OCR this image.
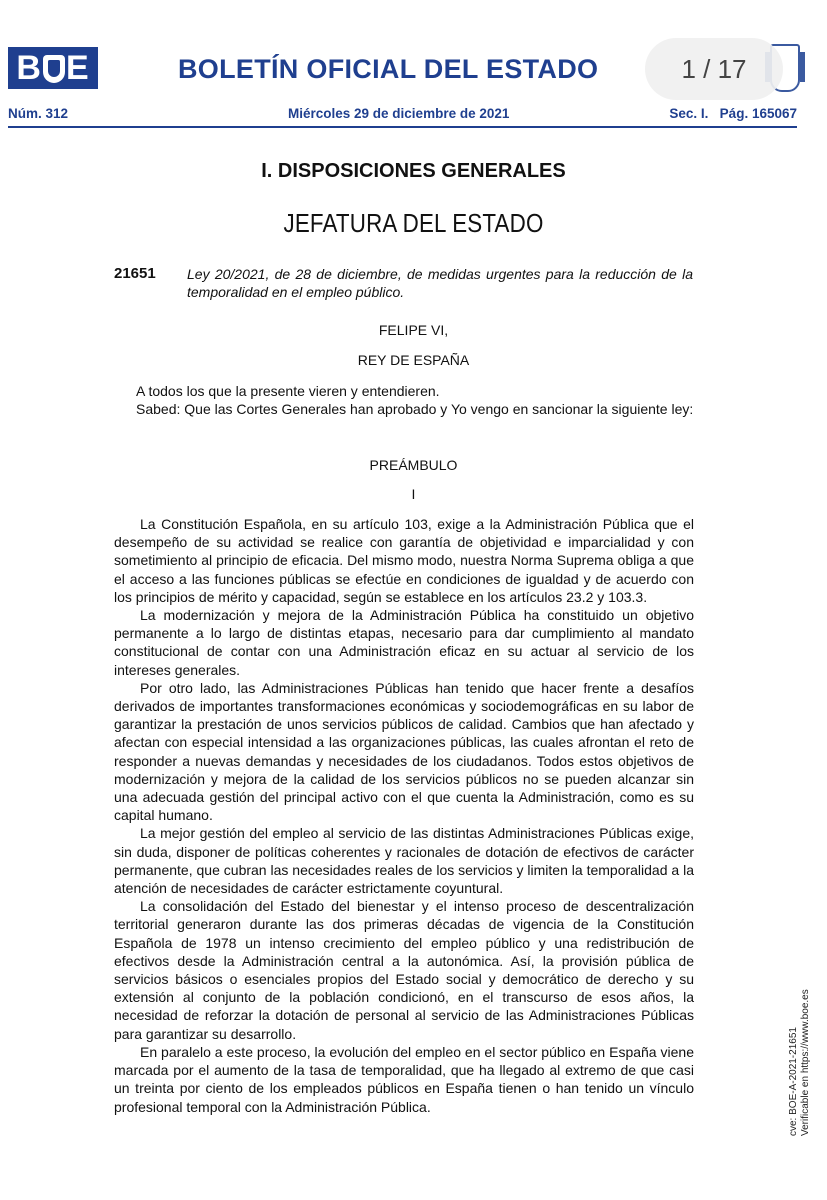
B E	BOLETÍN OFICIAL DEL ESTADO	1 / 17
Núm. 312	Miércoles 29 de diciembre de 2021	Sec. I.   Pág. 165067
I. DISPOSICIONES GENERALES
JEFATURA DEL ESTADO
21651 Ley 20/2021, de 28 de diciembre, de medidas urgentes para la reducción de la temporalidad en el empleo público.
FELIPE VI,
REY DE ESPAÑA

A todos los que la presente vieren y entendieren.

Sabed: Que las Cortes Generales han aprobado y Yo vengo en sancionar la siguiente ley:

PREÁMBULO
I

La Constitución Española, en su artículo 103, exige a la Administración Pública que el desempeño de su actividad se realice con garantía de objetividad e imparcialidad y con sometimiento al principio de eficacia. Del mismo modo, nuestra Norma Suprema obliga a que el acceso a las funciones públicas se efectúe en condiciones de igualdad y de acuerdo con los principios de mérito y capacidad, según se establece en los artículos 23.2 y 103.3.

La modernización y mejora de la Administración Pública ha constituido un objetivo permanente a lo largo de distintas etapas, necesario para dar cumplimiento al mandato constitucional de contar con una Administración eficaz en su actuar al servicio de los intereses generales.

Por otro lado, las Administraciones Públicas han tenido que hacer frente a desafíos derivados de importantes transformaciones económicas y sociodemográficas en su labor de garantizar la prestación de unos servicios públicos de calidad. Cambios que han afectado y afectan con especial intensidad a las organizaciones públicas, las cuales afrontan el reto de responder a nuevas demandas y necesidades de los ciudadanos. Todos estos objetivos de modernización y mejora de la calidad de los servicios públicos no se pueden alcanzar sin una adecuada gestión del principal activo con el que cuenta la Administración, como es su capital humano.

La mejor gestión del empleo al servicio de las distintas Administraciones Públicas exige, sin duda, disponer de políticas coherentes y racionales de dotación de efectivos de carácter permanente, que cubran las necesidades reales de los servicios y limiten la temporalidad a la atención de necesidades de carácter estrictamente coyuntural.

La consolidación del Estado del bienestar y el intenso proceso de descentralización territorial generaron durante las dos primeras décadas de vigencia de la Constitución Española de 1978 un intenso crecimiento del empleo público y una redistribución de efectivos desde la Administración central a la autonómica. Así, la provisión pública de servicios básicos o esenciales propios del Estado social y democrático de derecho y su extensión al conjunto de la población condicionó, en el transcurso de esos años, la necesidad de reforzar la dotación de personal al servicio de las Administraciones Públicas para garantizar su desarrollo.

En paralelo a este proceso, la evolución del empleo en el sector público en España viene marcada por el aumento de la tasa de temporalidad, que ha llegado al extremo de que casi un treinta por ciento de los empleados públicos en España tienen o han tenido un vínculo profesional temporal con la Administración Pública.	cve: BOE-A-2021-21651 Verificable en https://www.boe.es
